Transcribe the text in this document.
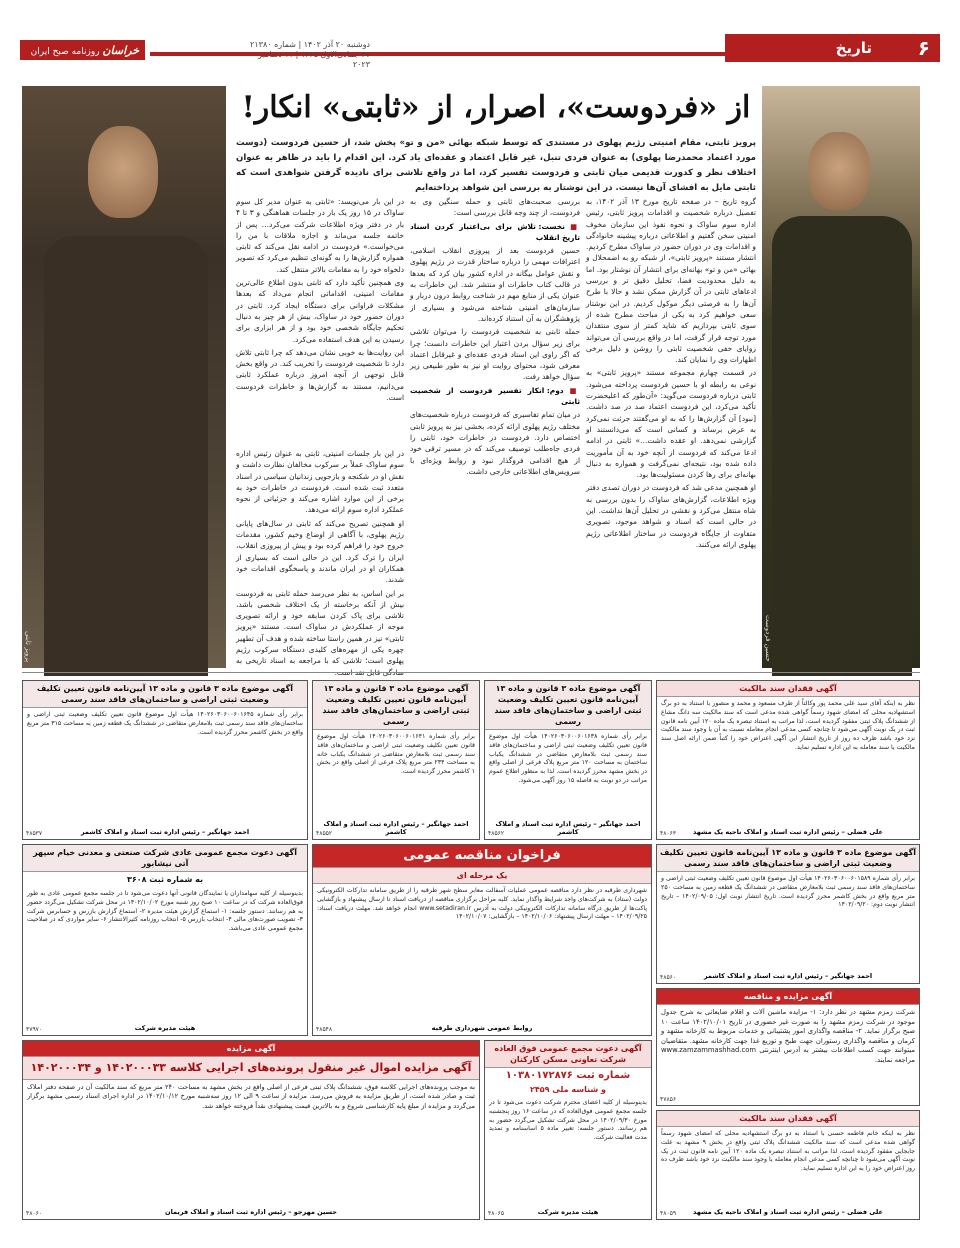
۶
تاریخ
دوشنبه ۲۰ آذر ۱۴۰۲ | شماره ۲۱۳۸۰
۲۷ جمادی‌الاول ۱۴۴۵ | ۱۱ دسامبر ۲۰۲۳
خراسان روزنامه صبح ایران
حسین فردوست
پرویز ثابتی
از «فردوست»، اصرار، از «ثابتی» انکار!
پرویز ثابتی، مقام امنیتی رژیم پهلوی در مستندی که توسط شبکه بهائی «من و تو» پخش شد، از حسین فردوست (دوست مورد اعتماد محمدرضا پهلوی) به عنوان فردی تنبل، غیر قابل اعتماد و عقده‌ای یاد کرد. این اقدام را باید در ظاهر به عنوان اختلاف نظر و کدورت قدیمی میان ثابتی و فردوست تفسیر کرد، اما در واقع تلاشی برای نادیده گرفتن شواهدی است که ثابتی مایل به افشای آن‌ها نیست. در این نوشتار به بررسی این شواهد پرداخته‌ایم

گروه تاریخ – در صفحه تاریخ مورخ ۱۳ آذر ۱۴۰۲، به تفصیل درباره شخصیت و اقدامات پرویز ثابتی، رئیس اداره سوم ساواک و نحوه نفوذ این سازمان مخوف امنیتی سخن گفتیم و اطلاعاتی درباره پیشینه خانوادگی و اقدامات وی در دوران حضور در ساواک مطرح کردیم. انتشار مستند «پرویز ثابتی»، از شبکه رو به اضمحلال و بهائی «من و تو» بهانه‌ای برای انتشار آن نوشتار بود. اما به دلیل محدودیت فضا، تحلیل دقیق تر و بررسی ادعاهای ثابتی در آن گزارش ممکن نشد و حالا با طرح آن‌ها را به فرصتی دیگر موکول کردیم. در این نوشتار سعی خواهیم کرد به یکی از مباحث مطرح شده از سوی ثابتی بپردازیم که شاید کمتر از سوی منتقدان مورد توجه قرار گرفت، اما در واقع بررسی آن می‌تواند زوایای خفی شخصیت ثابتی را روشن و دلیل برخی اظهارات وی را نمایان کند.

در قسمت چهارم مجموعه مستند «پرویز ثابتی» به نوعی به رابطه او با حسین فردوست پرداخته می‌شود. ثابتی درباره فردوست می‌گوید: «آن‌طور که اعلیحضرت تأکید می‌کرد، این فردوست اعتماد صد در صد داشت. [نبود] آن گزارش‌ها را که به او می‌گفتند جرئت نمی‌کرد به عرض برساند و کسانی است که می‌دانستند او گزارشی نمی‌دهد. او عقده داشت…» ثابتی در ادامه ادعا می‌کند که فردوست از آنچه خود به آن مأموریت داده شده بود، نتیجه‌ای نمی‌گرفت و همواره به دنبال بهانه‌ای برای رها کردن مسئولیت‌ها بود.

او همچنین مدعی شد که فردوست در دوران تصدی دفتر ویژه اطلاعات، گزارش‌های ساواک را بدون بررسی به شاه منتقل می‌کرد و نقشی در تحلیل آن‌ها نداشت. این در حالی است که اسناد و شواهد موجود، تصویری متفاوت از جایگاه فردوست در ساختار اطلاعاتی رژیم پهلوی ارائه می‌کنند.

بررسی صحبت‌های ثابتی و حمله سنگین وی به فردوست، از چند وجه قابل بررسی است:

■ نخست: تلاش برای بی‌اعتبار کردن اسناد تاریخ انقلاب

حسین فردوست بعد از پیروزی انقلاب اسلامی، اعترافات مهمی را درباره ساختار قدرت در رژیم پهلوی و نقش عوامل بیگانه در اداره کشور بیان کرد که بعدها در قالب کتاب خاطرات او منتشر شد. این خاطرات به عنوان یکی از منابع مهم در شناخت روابط درون دربار و سازمان‌های امنیتی شناخته می‌شود و بسیاری از پژوهشگران به آن استناد کرده‌اند.

حمله ثابتی به شخصیت فردوست را می‌توان تلاشی برای زیر سؤال بردن اعتبار این خاطرات دانست؛ چرا که اگر راوی این اسناد فردی عقده‌ای و غیرقابل اعتماد معرفی شود، محتوای روایت او نیز به طور طبیعی زیر سؤال خواهد رفت.

■ دوم: انکار تفسیر فردوست از شخصیت ثابتی

در میان تمام تفاسیری که فردوست درباره شخصیت‌های مختلف رژیم پهلوی ارائه کرده، بخشی نیز به پرویز ثابتی اختصاص دارد. فردوست در خاطرات خود، ثابتی را فردی جاه‌طلب توصیف می‌کند که در مسیر ترقی خود از هیچ اقدامی فروگذار نبود و روابط ویژه‌ای با سرویس‌های اطلاعاتی خارجی داشت.

در این بار می‌نویسد: «ثابتی به عنوان مدیر کل سوم ساواک در ۱۵ روز یک بار در جلسات هماهنگی و ۳ تا ۴ بار در دفتر ویژه اطلاعات شرکت می‌کرد… پس از خاتمه جلسه می‌ماند و اجازه ملاقات با من را می‌خواست.» فردوست در ادامه نقل می‌کند که ثابتی همواره گزارش‌ها را به گونه‌ای تنظیم می‌کرد که تصویر دلخواه خود را به مقامات بالاتر منتقل کند.

وی همچنین تأکید دارد که ثابتی بدون اطلاع عالی‌ترین مقامات امنیتی، اقداماتی انجام می‌داد که بعدها مشکلات فراوانی برای دستگاه ایجاد کرد. ثابتی در دوران حضور خود در ساواک، بیش از هر چیز به دنبال تحکیم جایگاه شخصی خود بود و از هر ابزاری برای رسیدن به این هدف استفاده می‌کرد.

این روایت‌ها به خوبی نشان می‌دهد که چرا ثابتی تلاش دارد تا شخصیت فردوست را تخریب کند. در واقع بخش قابل توجهی از آنچه امروز درباره عملکرد ثابتی می‌دانیم، مستند به گزارش‌ها و خاطرات فردوست است.

در این بار جلسات امنیتی، ثابتی به عنوان رئیس اداره سوم ساواک عملاً بر سرکوب مخالفان نظارت داشت و نقش او در شکنجه و بازجویی زندانیان سیاسی در اسناد متعدد ثبت شده است. فردوست در خاطرات خود به برخی از این موارد اشاره می‌کند و جزئیاتی از نحوه عملکرد اداره سوم ارائه می‌دهد.

او همچنین تصریح می‌کند که ثابتی در سال‌های پایانی رژیم پهلوی، با آگاهی از اوضاع وخیم کشور، مقدمات خروج خود را فراهم کرده بود و پیش از پیروزی انقلاب، ایران را ترک کرد. این در حالی است که بسیاری از همکاران او در ایران ماندند و پاسخگوی اقدامات خود شدند.

بر این اساس، به نظر می‌رسد حمله ثابتی به فردوست بیش از آنکه برخاسته از یک اختلاف شخصی باشد، تلاشی برای پاک کردن سابقه خود و ارائه تصویری موجه از عملکردش در ساواک است. مستند «پرویز ثابتی» نیز در همین راستا ساخته شده و هدف آن تطهیر چهره یکی از مهره‌های کلیدی دستگاه سرکوب رژیم پهلوی است؛ تلاشی که با مراجعه به اسناد تاریخی به

آگهی فقدان سند مالکیت
نظر به اینکه آقای سید علی محمد پور وکالتاً از طرف مسعود و محمد و منصور با استناد به دو برگ استشهادیه محلی که امضای شهود رسماً گواهی شده مدعی است که سند مالکیت سه دانگ مشاع از ششدانگ پلاک ثبتی مفقود گردیده است، لذا مراتب به استناد تبصره یک ماده ۱۲۰ آیین نامه قانون ثبت در یک نوبت آگهی می‌شود تا چنانچه کسی مدعی انجام معامله نسبت به آن یا وجود سند مالکیت نزد خود باشد ظرف ده روز از تاریخ انتشار این آگهی اعتراض خود را کتباً ضمن ارائه اصل سند مالکیت یا سند معامله به این اداره تسلیم نماید.
علی فضلی – رئیس اداره ثبت اسناد و املاک ناحیه یک مشهد
۴۸۰۶۳
آگهی موضوع ماده ۳ قانون و ماده ۱۳ آیین‌نامه قانون تعیین تکلیف وضعیت ثبتی اراضی و ساختمان‌های فاقد سند رسمی
برابر رأی شماره ۱۴۰۲۶۰۳۰۶۰۰۶۰۱۶۳۸ هیأت اول موضوع قانون تعیین تکلیف وضعیت ثبتی اراضی و ساختمان‌های فاقد سند رسمی ثبت بلامعارض متقاضی در ششدانگ یکباب ساختمان به مساحت ۱۲۰ متر مربع پلاک فرعی از اصلی واقع در بخش مشهد محرز گردیده است. لذا به منظور اطلاع عموم مراتب در دو نوبت به فاصله ۱۵ روز آگهی می‌شود.
احمد جهانگیر – رئیس اداره ثبت اسناد و املاک کاشمر
۴۸۵۶۲
آگهی موضوع ماده ۳ قانون و ماده ۱۳ آیین‌نامه قانون تعیین تکلیف وضعیت ثبتی اراضی و ساختمان‌های فاقد سند رسمی
برابر رأی شماره ۱۴۰۲۶۰۳۰۶۰۰۶۰۱۶۴۱ هیأت اول موضوع قانون تعیین تکلیف وضعیت ثبتی اراضی و ساختمان‌های فاقد سند رسمی ثبت بلامعارض متقاضی در ششدانگ یکباب خانه به مساحت ۲۳۴ متر مربع پلاک فرعی از اصلی واقع در بخش ۱ کاشمر محرز گردیده است.
احمد جهانگیر – رئیس اداره ثبت اسناد و املاک کاشمر
۴۸۵۵۲
آگهی موضوع ماده ۳ قانون و ماده ۱۳ آیین‌نامه قانون تعیین تکلیف وضعیت ثبتی اراضی و ساختمان‌های فاقد سند رسمی
برابر رأی شماره ۱۴۰۲۶۰۳۰۶۰۰۶۰۱۶۴۵ هیأت اول موضوع قانون تعیین تکلیف وضعیت ثبتی اراضی و ساختمان‌های فاقد سند رسمی ثبت بلامعارض متقاضی در ششدانگ یک قطعه زمین به مساحت ۳۱۵ متر مربع واقع در بخش کاشمر محرز گردیده است.
احمد جهانگیر – رئیس اداره ثبت اسناد و املاک کاشمر
۴۸۵۳۷
آگهی موضوع ماده ۳ قانون و ماده ۱۳ آیین‌نامه قانون تعیین تکلیف وضعیت ثبتی اراضی و ساختمان‌های فاقد سند رسمی
برابر رأی شماره ۱۴۰۲۶۰۳۰۶۰۰۶۰۱۵۸۹ هیأت اول موضوع قانون تعیین تکلیف وضعیت ثبتی اراضی و ساختمان‌های فاقد سند رسمی ثبت بلامعارض متقاضی در ششدانگ یک قطعه زمین به مساحت ۲۵۰ متر مربع واقع در بخش کاشمر محرز گردیده است. تاریخ انتشار نوبت اول: ۱۴۰۲/۰۹/۰۵ – تاریخ انتشار نوبت دوم: ۱۴۰۲/۰۹/۲۰
احمد جهانگیر – رئیس اداره ثبت اسناد و املاک کاشمر
۴۸۵۶۰
فراخوان مناقصه عمومی
یک مرحله ای
شهرداری طرقبه در نظر دارد مناقصه عمومی عملیات آسفالت معابر سطح شهر طرقبه را از طریق سامانه تدارکات الکترونیکی دولت (ستاد) به شرکت‌های واجد شرایط واگذار نماید. کلیه مراحل برگزاری مناقصه از دریافت اسناد تا ارسال پیشنهاد و بازگشایی پاکت‌ها از طریق درگاه سامانه تدارکات الکترونیکی دولت به آدرس www.setadiran.ir انجام خواهد شد. مهلت دریافت اسناد: ۱۴۰۲/۰۹/۲۵ – مهلت ارسال پیشنهاد: ۱۴۰۲/۱۰/۰۶ – بازگشایی: ۱۴۰۲/۱۰/۰۷
روابط عمومی شهرداری طرقبه
۴۸۵۴۸
آگهی دعوت مجمع عمومی عادی شرکت صنعتی و معدنی خیام سپهر آتی نیشابور
به شماره ثبت ۳۶۰۸
بدینوسیله از کلیه سهامداران یا نمایندگان قانونی آنها دعوت می‌شود تا در جلسه مجمع عمومی عادی به طور فوق‌العاده شرکت که در ساعت ۱۰ صبح روز شنبه مورخ ۱۴۰۲/۱۰/۰۲ در محل شرکت تشکیل می‌گردد حضور به هم رسانند. دستور جلسه: ۱- استماع گزارش هیئت مدیره ۲- استماع گزارش بازرس و حسابرس شرکت ۳- تصویب صورت‌های مالی ۴- انتخاب بازرس ۵- انتخاب روزنامه کثیرالانتشار ۶- سایر مواردی که در صلاحیت مجمع عمومی عادی می‌باشد.
هیئت مدیره شرکت
۴۷۹۷۰
آگهی مزایده و مناقصه
شرکت زمزم مشهد در نظر دارد: ۱- مزایده ماشین آلات و اقلام ضایعاتی به شرح جدول موجود در شرکت زمزم مشهد را به صورت غیر حضوری در تاریخ ۱۴۰۲/۱۰/۰۱ ساعت ۱۰ صبح برگزار نماید. ۲- مناقصه واگذاری امور پشتیبانی و خدمات مربوط به کارخانه مشهد و کرمان و مناقصه واگذاری رستوران جهت طبخ و توزیع غذا جهت کارخانه مشهد. متقاضیان میتوانند جهت کسب اطلاعات بیشتر به آدرس اینترنتی www.zamzammashhad.com مراجعه نمایند.
۴۷۸۵۶
آگهی دعوت مجمع عمومی فوق العاده شرکت تعاونی مسکن کارکنان
شماره ثبت ۱۰۳۸۰۱۷۲۸۷۶
و شناسه ملی ۲۴۵۹
بدینوسیله از کلیه اعضای محترم شرکت دعوت می‌شود تا در جلسه مجمع عمومی فوق‌العاده که در ساعت ۱۶ روز پنجشنبه مورخ ۱۴۰۲/۰۹/۳۰ در محل شرکت تشکیل می‌گردد حضور به هم رسانند. دستور جلسه: تغییر ماده ۵ اساسنامه و تمدید مدت فعالیت شرکت.
هیئت مدیره شرکت
۴۸۰۶۵
آگهی مزایده
آگهی مزایده اموال غیر منقول پرونده‌های اجرایی کلاسه ۱۴۰۲۰۰۰۳۳ و ۱۴۰۲۰۰۰۳۴
به موجب پرونده‌های اجرایی کلاسه فوق، ششدانگ پلاک ثبتی فرعی از اصلی واقع در بخش مشهد به مساحت ۲۴۰ متر مربع که سند مالکیت آن در صفحه دفتر املاک ثبت و صادر شده است، از طریق مزایده به فروش می‌رسد. مزایده از ساعت ۹ الی ۱۲ روز سه‌شنبه مورخ ۱۴۰۲/۱۰/۱۲ در اداره اجرای اسناد رسمی مشهد برگزار می‌گردد و مزایده از مبلغ پایه کارشناسی شروع و به بالاترین قیمت پیشنهادی نقداً فروخته خواهد شد.
حسین مهرجو – رئیس اداره ثبت اسناد و املاک فریمان
۴۸۰۶۰
آگهی فقدان سند مالکیت
نظر به اینکه خانم فاطمه حسنی با استناد به دو برگ استشهادیه محلی که امضای شهود رسماً گواهی شده مدعی است که سند مالکیت ششدانگ پلاک ثبتی واقع در بخش ۹ مشهد به علت جابجایی مفقود گردیده است، لذا مراتب به استناد تبصره یک ماده ۱۲۰ آیین نامه قانون ثبت در یک نوبت آگهی می‌شود تا چنانچه کسی مدعی انجام معامله یا وجود سند مالکیت نزد خود باشد ظرف ده روز اعتراض خود را به این اداره تسلیم نماید.
علی فضلی – رئیس اداره ثبت اسناد و املاک ناحیه یک مشهد
۴۸۰۵۹
